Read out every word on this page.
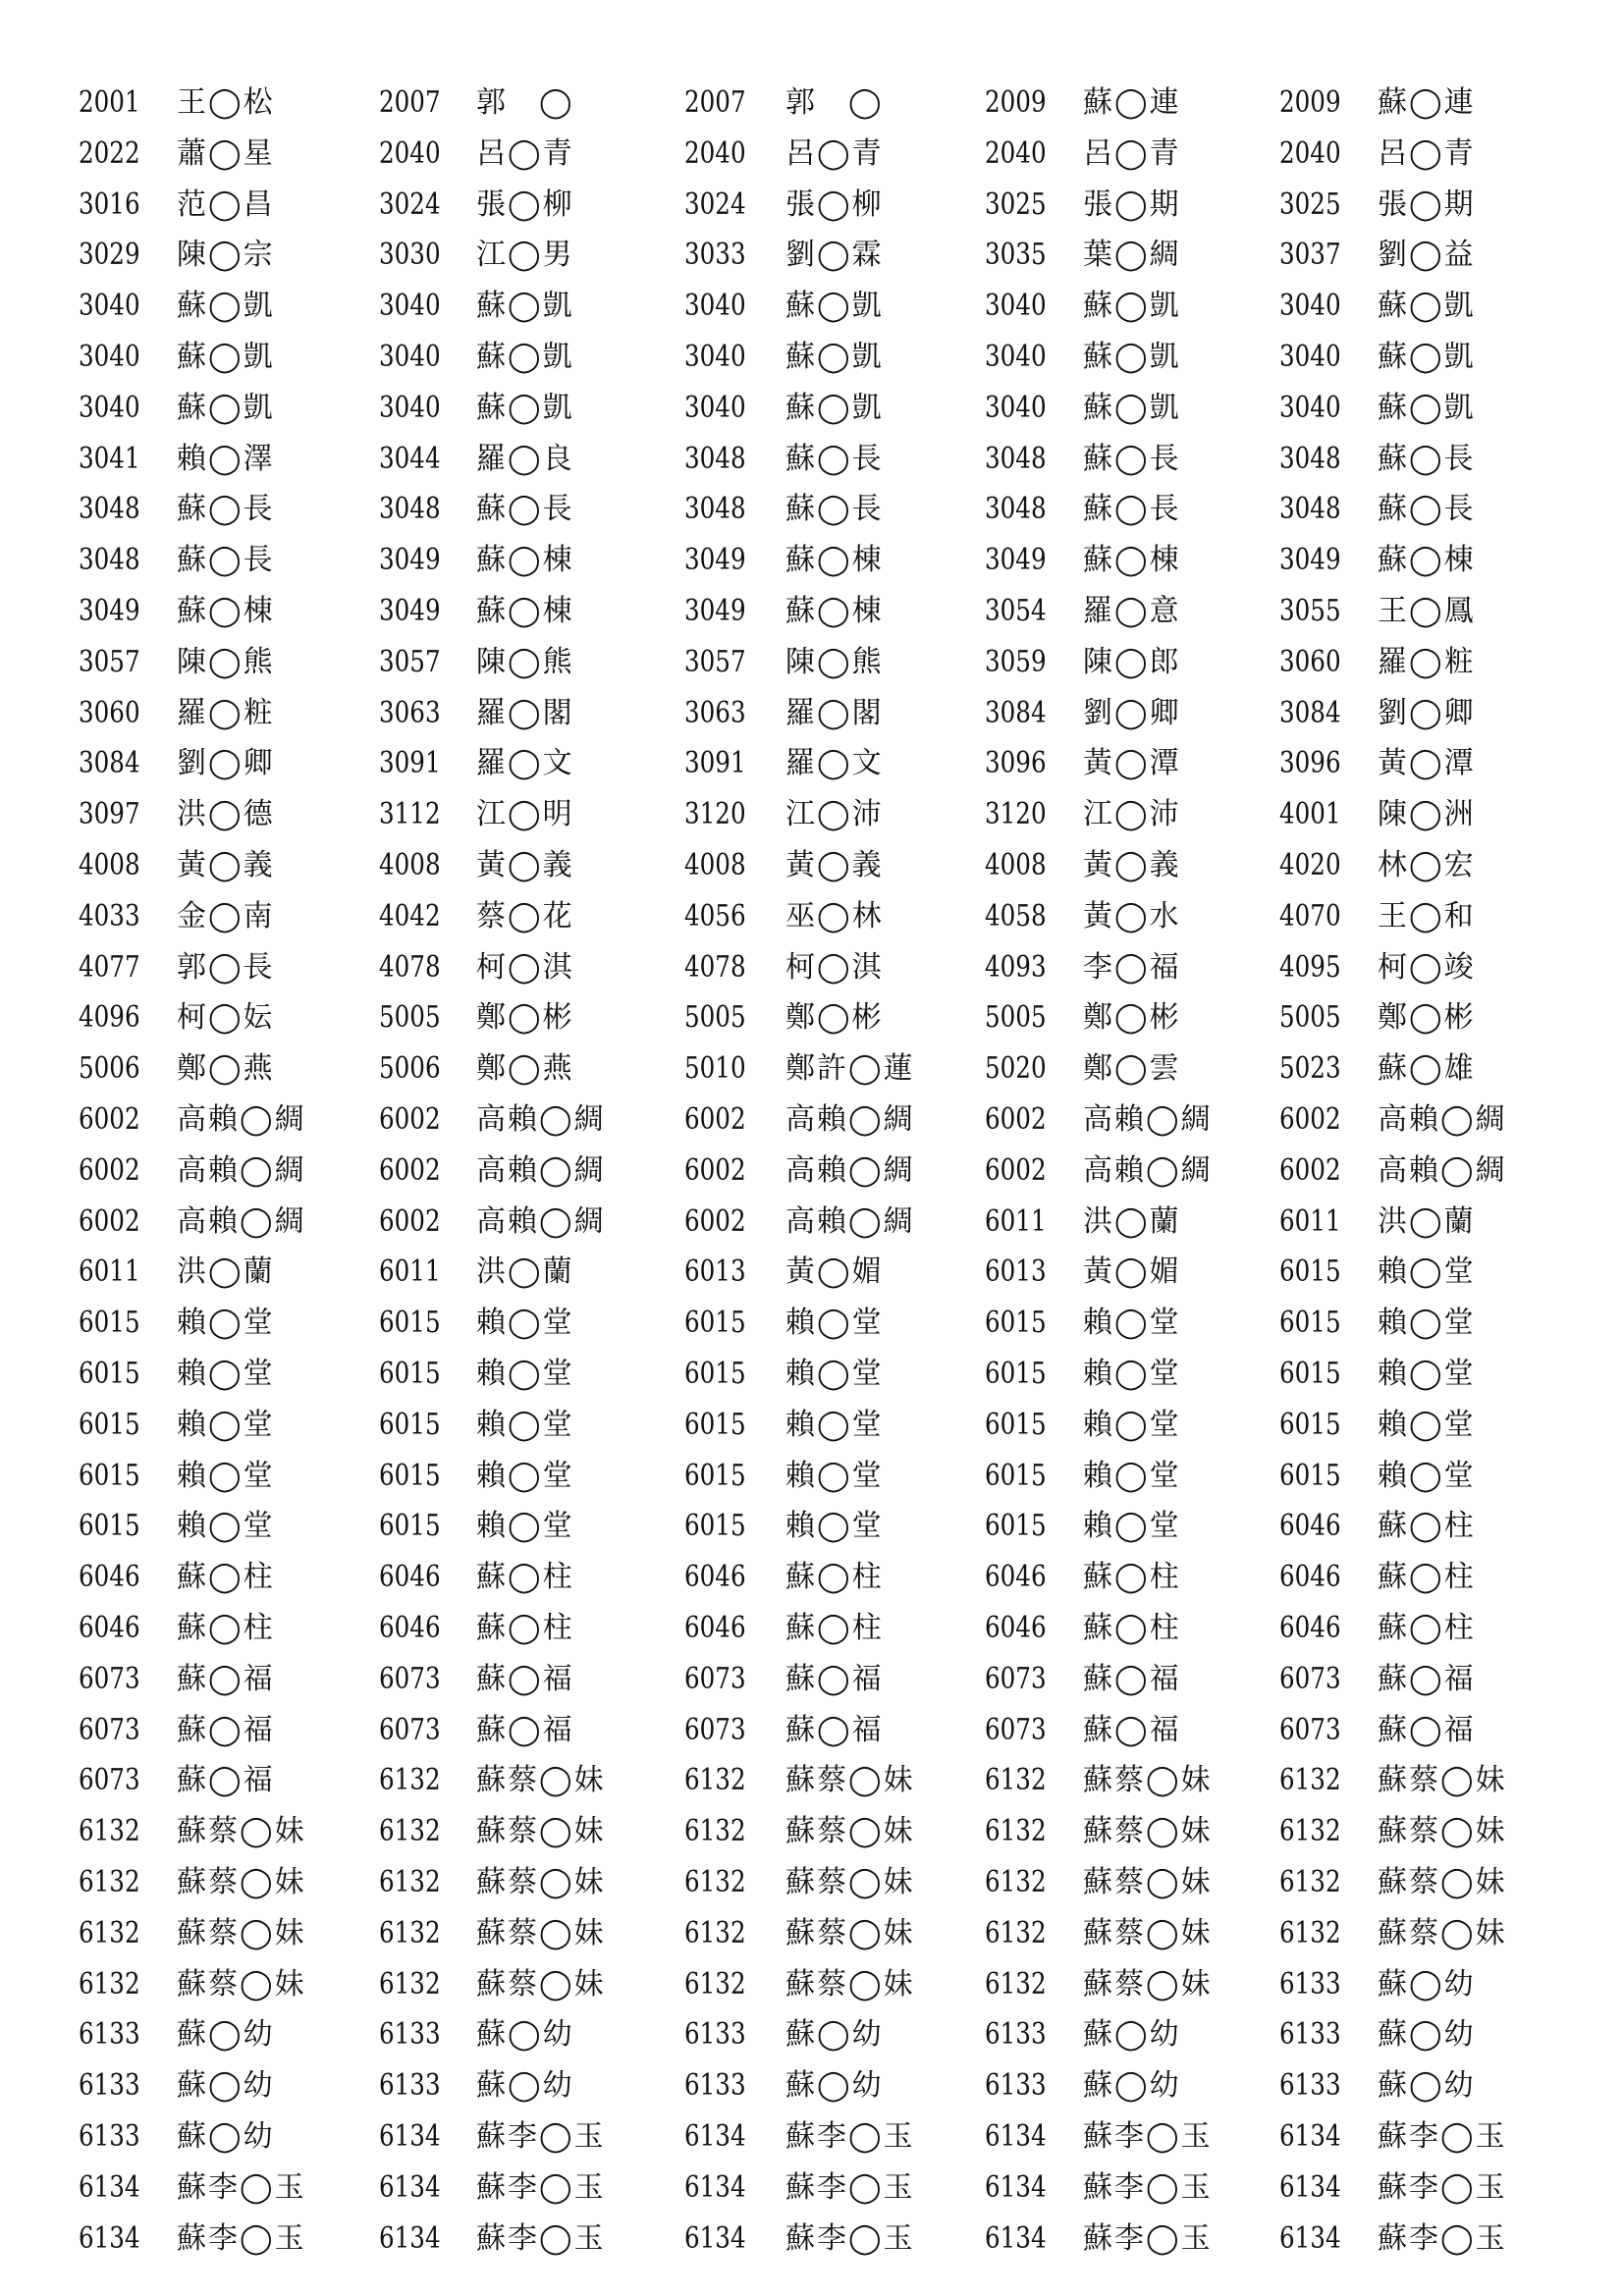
2001 王◯松	2007 郭　◯	2007 郭　◯	2009 蘇◯連	2009 蘇◯連
2022 蕭◯星	2040 呂◯青	2040 呂◯青	2040 呂◯青	2040 呂◯青
3016 范◯昌	3024 張◯柳	3024 張◯柳	3025 張◯期	3025 張◯期
3029 陳◯宗	3030 江◯男	3033 劉◯霖	3035 葉◯綢	3037 劉◯益
3040 蘇◯凱	3040 蘇◯凱	3040 蘇◯凱	3040 蘇◯凱	3040 蘇◯凱
3040 蘇◯凱	3040 蘇◯凱	3040 蘇◯凱	3040 蘇◯凱	3040 蘇◯凱
3040 蘇◯凱	3040 蘇◯凱	3040 蘇◯凱	3040 蘇◯凱	3040 蘇◯凱
3041 賴◯澤	3044 羅◯良	3048 蘇◯長	3048 蘇◯長	3048 蘇◯長
3048 蘇◯長	3048 蘇◯長	3048 蘇◯長	3048 蘇◯長	3048 蘇◯長
3048 蘇◯長	3049 蘇◯棟	3049 蘇◯棟	3049 蘇◯棟	3049 蘇◯棟
3049 蘇◯棟	3049 蘇◯棟	3049 蘇◯棟	3054 羅◯意	3055 王◯鳳
3057 陳◯熊	3057 陳◯熊	3057 陳◯熊	3059 陳◯郎	3060 羅◯粧
3060 羅◯粧	3063 羅◯閣	3063 羅◯閣	3084 劉◯卿	3084 劉◯卿
3084 劉◯卿	3091 羅◯文	3091 羅◯文	3096 黃◯潭	3096 黃◯潭
3097 洪◯德	3112 江◯明	3120 江◯沛	3120 江◯沛	4001 陳◯洲
4008 黃◯義	4008 黃◯義	4008 黃◯義	4008 黃◯義	4020 林◯宏
4033 金◯南	4042 蔡◯花	4056 巫◯林	4058 黃◯水	4070 王◯和
4077 郭◯長	4078 柯◯淇	4078 柯◯淇	4093 李◯福	4095 柯◯竣
4096 柯◯妘	5005 鄭◯彬	5005 鄭◯彬	5005 鄭◯彬	5005 鄭◯彬
5006 鄭◯燕	5006 鄭◯燕	5010 鄭許◯蓮 5020 鄭◯雲	5023 蘇◯雄
6002 高賴◯綢 6002 高賴◯綢	6002 高賴◯綢 6002 高賴◯綢 6002 高賴◯綢
6002 高賴◯綢 6002 高賴◯綢	6002 高賴◯綢 6002 高賴◯綢 6002 高賴◯綢
6002 高賴◯綢 6002 高賴◯綢	6002 高賴◯綢 6011 洪◯蘭	6011 洪◯蘭
6011 洪◯蘭	6011 洪◯蘭	6013 黃◯媚	6013 黃◯媚	6015 賴◯堂
6015 賴◯堂	6015 賴◯堂	6015 賴◯堂	6015 賴◯堂	6015 賴◯堂
6015 賴◯堂	6015 賴◯堂	6015 賴◯堂	6015 賴◯堂	6015 賴◯堂
6015 賴◯堂	6015 賴◯堂	6015 賴◯堂	6015 賴◯堂	6015 賴◯堂
6015 賴◯堂	6015 賴◯堂	6015 賴◯堂	6015 賴◯堂	6015 賴◯堂
6015 賴◯堂	6015 賴◯堂	6015 賴◯堂	6015 賴◯堂	6046 蘇◯柱
6046 蘇◯柱	6046 蘇◯柱	6046 蘇◯柱	6046 蘇◯柱	6046 蘇◯柱
6046 蘇◯柱	6046 蘇◯柱	6046 蘇◯柱	6046 蘇◯柱	6046 蘇◯柱
6073 蘇◯福	6073 蘇◯福	6073 蘇◯福	6073 蘇◯福	6073 蘇◯福
6073 蘇◯福	6073 蘇◯福	6073 蘇◯福	6073 蘇◯福	6073 蘇◯福
6073 蘇◯福	6132 蘇蔡◯妹	6132 蘇蔡◯妹 6132 蘇蔡◯妹 6132 蘇蔡◯妹
6132 蘇蔡◯妹 6132 蘇蔡◯妹	6132 蘇蔡◯妹 6132 蘇蔡◯妹 6132 蘇蔡◯妹
6132 蘇蔡◯妹 6132 蘇蔡◯妹	6132 蘇蔡◯妹 6132 蘇蔡◯妹 6132 蘇蔡◯妹
6132 蘇蔡◯妹 6132 蘇蔡◯妹	6132 蘇蔡◯妹 6132 蘇蔡◯妹 6132 蘇蔡◯妹
6132 蘇蔡◯妹 6132 蘇蔡◯妹	6132 蘇蔡◯妹 6132 蘇蔡◯妹 6133 蘇◯幼
6133 蘇◯幼	6133 蘇◯幼	6133 蘇◯幼	6133 蘇◯幼	6133 蘇◯幼
6133 蘇◯幼	6133 蘇◯幼	6133 蘇◯幼	6133 蘇◯幼	6133 蘇◯幼
6133 蘇◯幼	6134 蘇李◯玉	6134 蘇李◯玉 6134 蘇李◯玉 6134 蘇李◯玉
6134 蘇李◯玉 6134 蘇李◯玉	6134 蘇李◯玉 6134 蘇李◯玉 6134 蘇李◯玉
6134 蘇李◯玉 6134 蘇李◯玉	6134 蘇李◯玉 6134 蘇李◯玉 6134 蘇李◯玉
